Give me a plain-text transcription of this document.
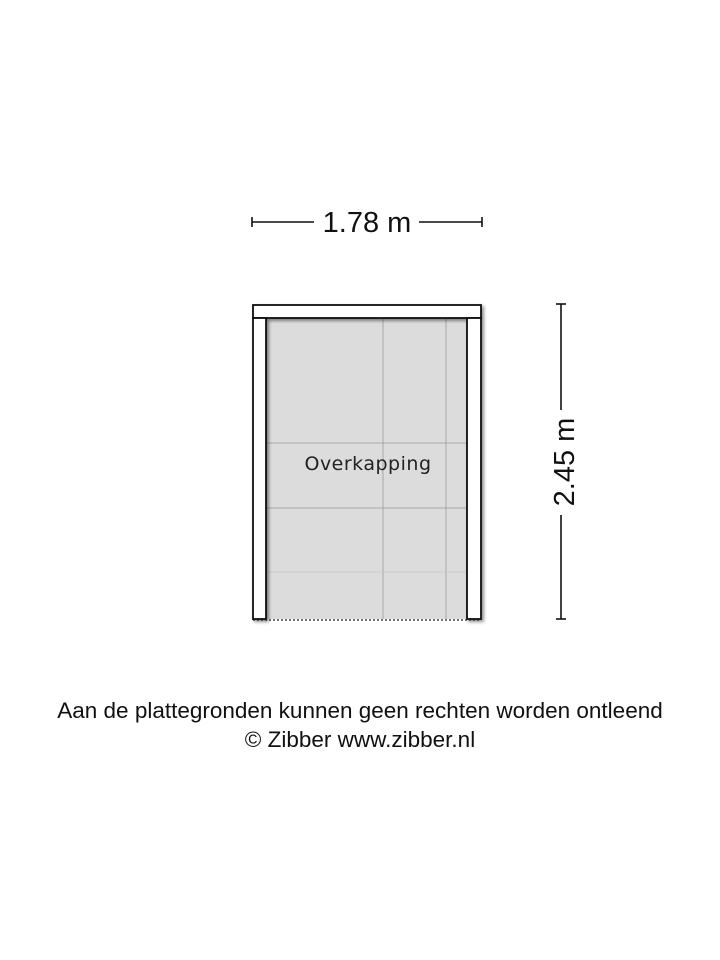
1.78 m
2.45 m
Overkapping
Aan de plattegronden kunnen geen rechten worden ontleend
© Zibber www.zibber.nl
